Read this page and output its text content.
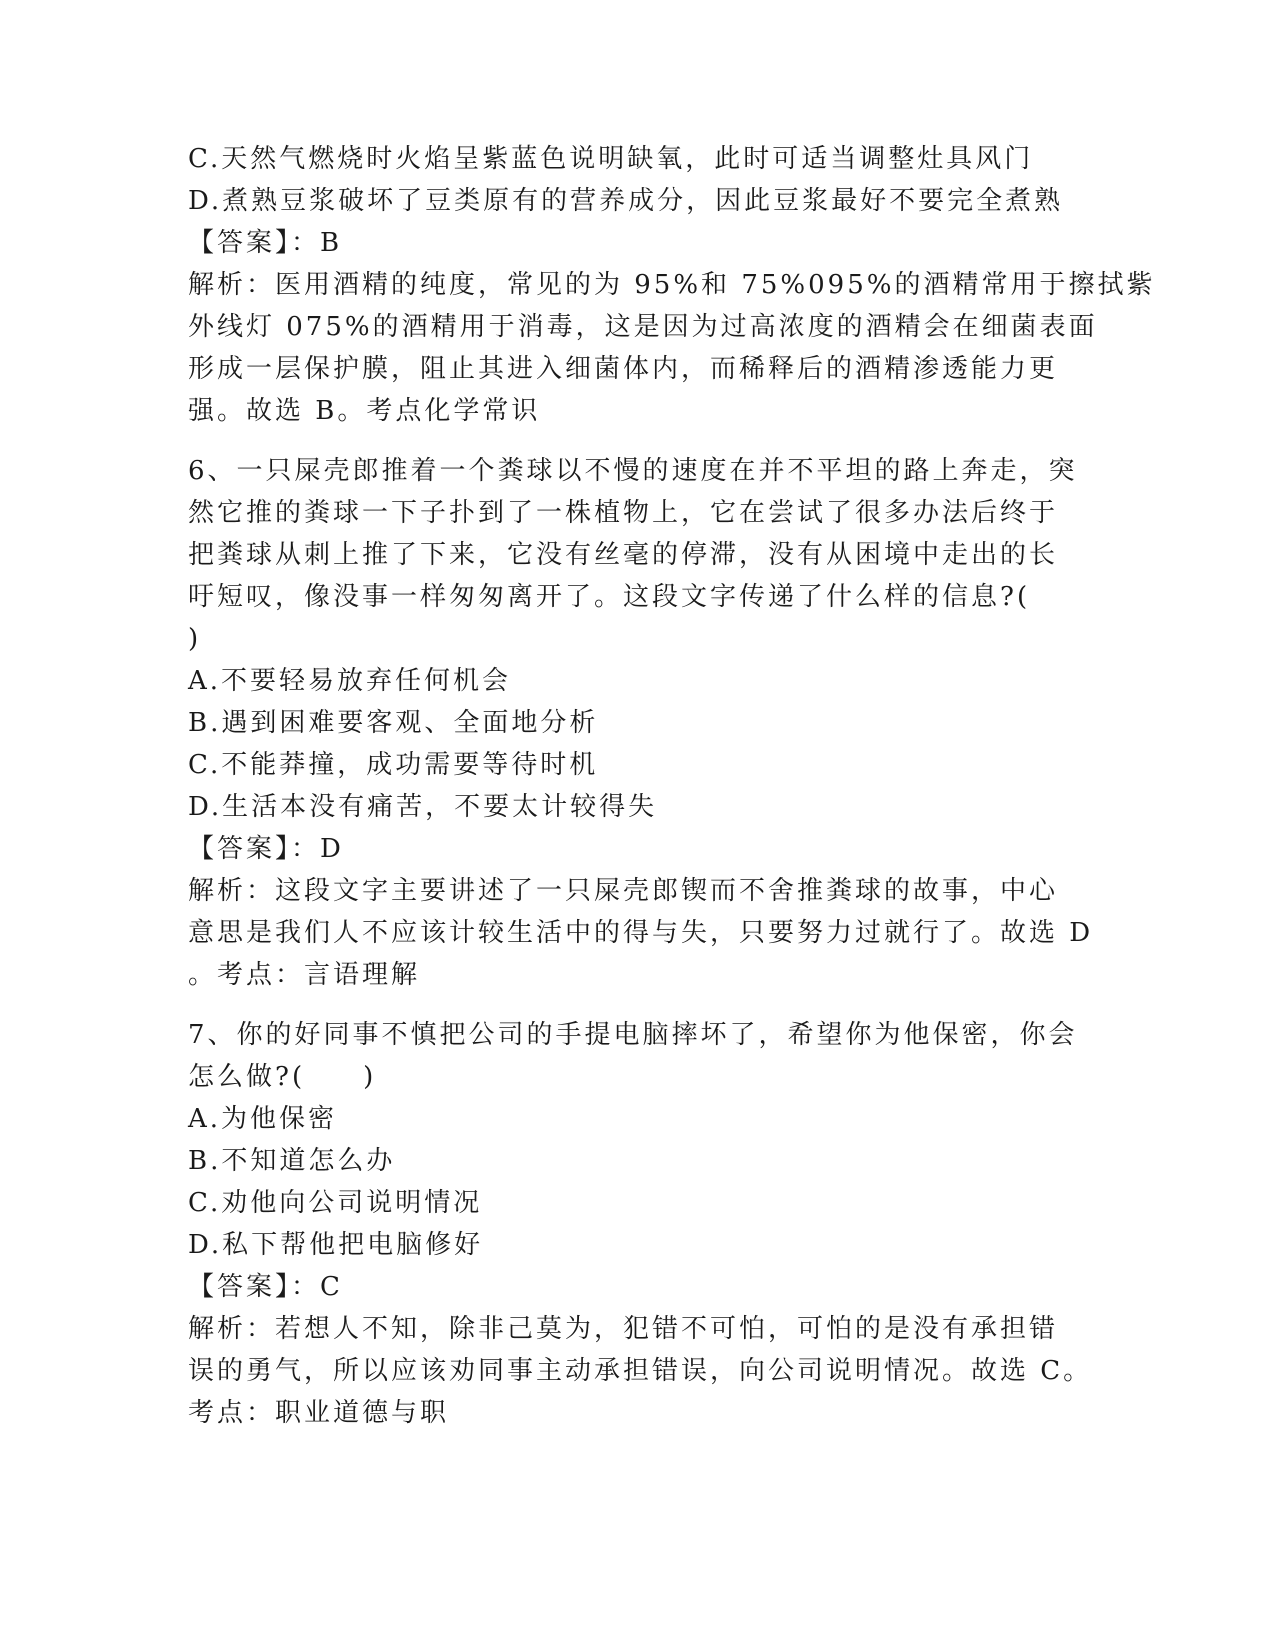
C.天然气燃烧时火焰呈紫蓝色说明缺氧，此时可适当调整灶具风门
D.煮熟豆浆破坏了豆类原有的营养成分，因此豆浆最好不要完全煮熟
【答案】：B
解析：医用酒精的纯度，常见的为 95%和 75%095%的酒精常用于擦拭紫
外线灯 075%的酒精用于消毒，这是因为过高浓度的酒精会在细菌表面
形成一层保护膜，阻止其进入细菌体内，而稀释后的酒精渗透能力更
强。故选 B。考点化学常识
6、一只屎壳郎推着一个粪球以不慢的速度在并不平坦的路上奔走，突
然它推的粪球一下子扑到了一株植物上，它在尝试了很多办法后终于
把粪球从刺上推了下来，它没有丝毫的停滞，没有从困境中走出的长
吁短叹，像没事一样匆匆离开了。这段文字传递了什么样的信息?(
)
A.不要轻易放弃任何机会
B.遇到困难要客观、全面地分析
C.不能莽撞，成功需要等待时机
D.生活本没有痛苦，不要太计较得失
【答案】：D
解析：这段文字主要讲述了一只屎壳郎锲而不舍推粪球的故事，中心
意思是我们人不应该计较生活中的得与失，只要努力过就行了。故选 D
。考点：言语理解
7、你的好同事不慎把公司的手提电脑摔坏了，希望你为他保密，你会
怎么做?(　　)
A.为他保密
B.不知道怎么办
C.劝他向公司说明情况
D.私下帮他把电脑修好
【答案】：C
解析：若想人不知，除非己莫为，犯错不可怕，可怕的是没有承担错
误的勇气，所以应该劝同事主动承担错误，向公司说明情况。故选 C。
考点：职业道德与职
